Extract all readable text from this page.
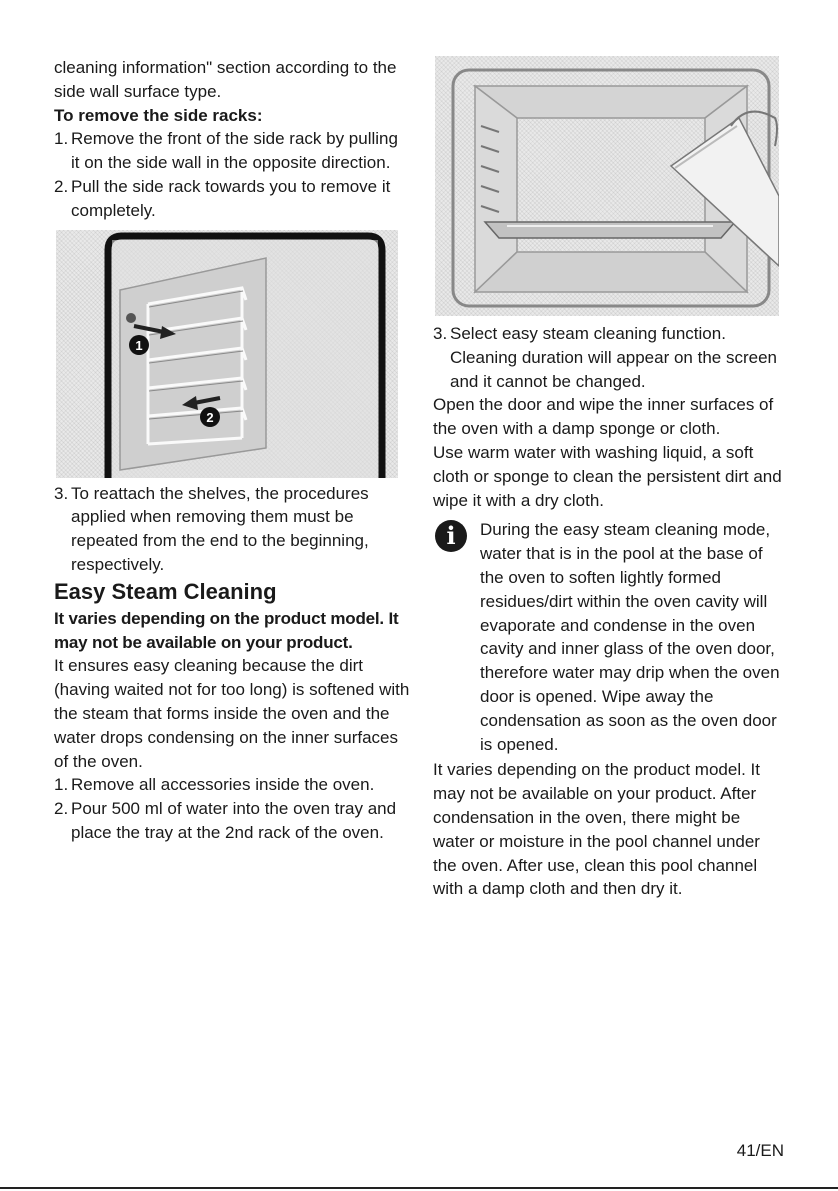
cleaning information" section according to the side wall surface type.

To remove the side racks:

1. Remove the front of the side rack by pulling it on the side wall in the opposite direction.
2. Pull the side rack towards you to remove it completely.
1
2
3. To reattach the shelves, the procedures applied when removing them must be repeated from the end to the beginning, respectively.
Easy Steam Cleaning

It varies depending on the product model. It may not be available on your product.

It ensures easy cleaning because the dirt (having waited not for too long) is softened with the steam that forms inside the oven and the water drops condensing on the inner surfaces of the oven.

1. Remove all accessories inside the oven.
2. Pour 500 ml of water into the oven tray and place the tray at the 2nd rack of the oven.
3. Select easy steam cleaning function. Cleaning duration will appear on the screen and it cannot be changed.

Open the door and wipe the inner surfaces of the oven with a damp sponge or cloth.

Use warm water with washing liquid, a soft cloth or sponge to clean the persistent dirt and wipe it with a dry cloth.

i	During the easy steam cleaning mode, water that is in the pool at the base of the oven to soften lightly formed residues/dirt within the oven cavity will evaporate and condense in the oven cavity and inner glass of the oven door, therefore water may drip when the oven door is opened. Wipe away the condensation as soon as the oven door is opened.

It varies depending on the product model. It may not be available on your product. After condensation in the oven, there might be water or moisture in the pool channel under the oven. After use, clean this pool channel with a damp cloth and then dry it.

41/EN
